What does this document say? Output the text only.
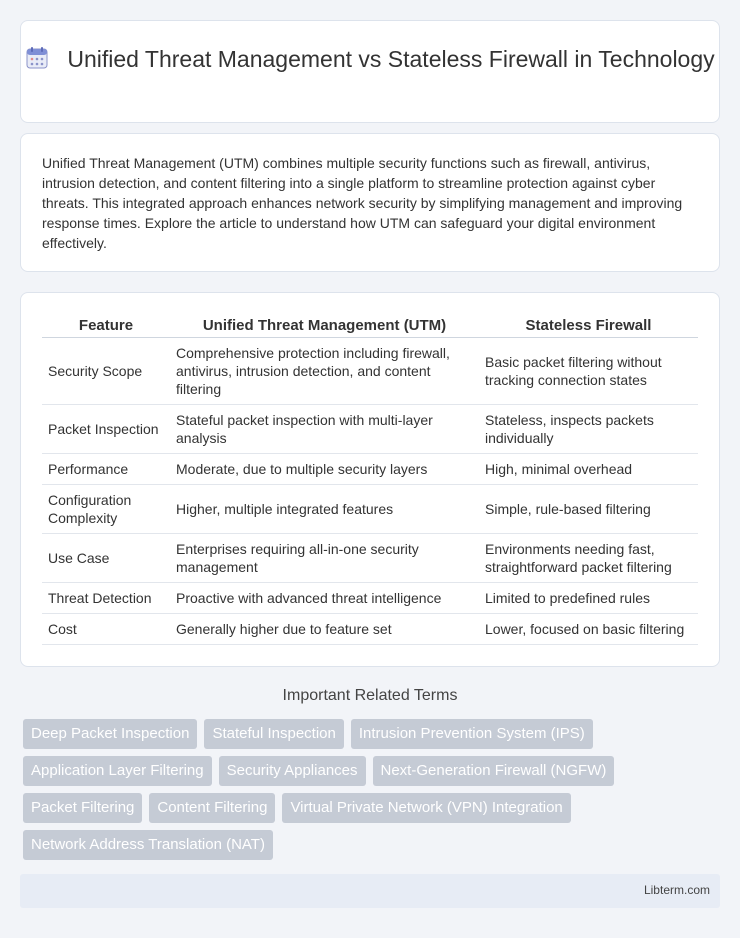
Unified Threat Management vs Stateless Firewall in Technology

Unified Threat Management (UTM) combines multiple security functions such as firewall, antivirus, intrusion detection, and content filtering into a single platform to streamline protection against cyber threats. This integrated approach enhances network security by simplifying management and improving response times. Explore the article to understand how UTM can safeguard your digital environment effectively.

Feature	Unified Threat Management (UTM)	Stateless Firewall
Security Scope	Comprehensive protection including firewall, antivirus, intrusion detection, and content filtering	Basic packet filtering without tracking connection states
Packet Inspection	Stateful packet inspection with multi-layer analysis	Stateless, inspects packets individually
Performance	Moderate, due to multiple security layers	High, minimal overhead
Configuration Complexity	Higher, multiple integrated features	Simple, rule-based filtering
Use Case	Enterprises requiring all-in-one security management	Environments needing fast, straightforward packet filtering
Threat Detection	Proactive with advanced threat intelligence	Limited to predefined rules
Cost	Generally higher due to feature set	Lower, focused on basic filtering
Important Related Terms
Deep Packet Inspection	Stateful Inspection	Intrusion Prevention System (IPS)
Application Layer Filtering	Security Appliances	Next-Generation Firewall (NGFW)
Packet Filtering	Content Filtering	Virtual Private Network (VPN) Integration
Network Address Translation (NAT)
Libterm.com
